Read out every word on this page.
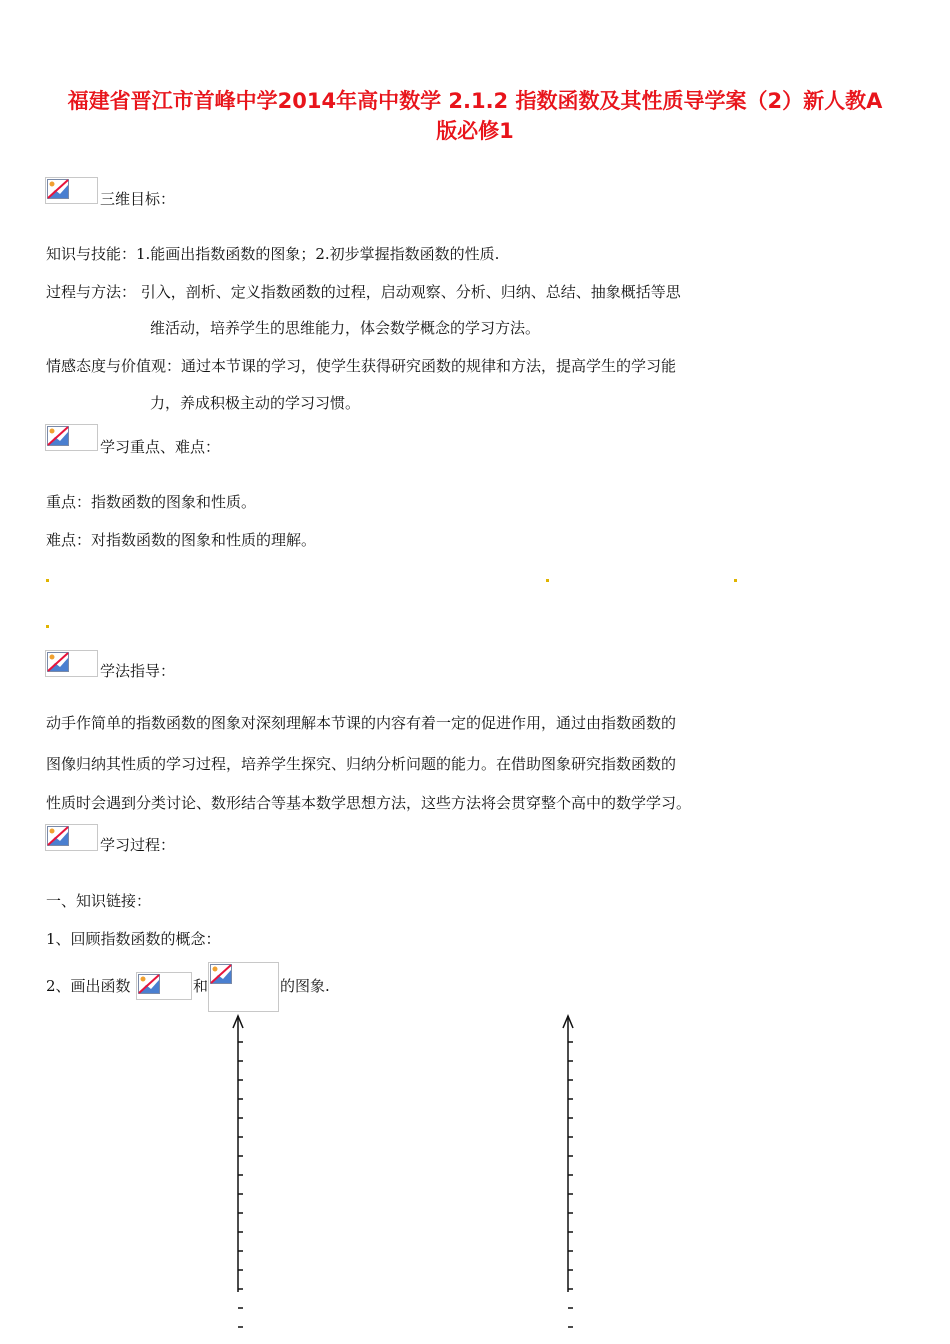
福建省晋江市首峰中学2014年高中数学 2.1.2 指数函数及其性质导学案（2）新人教A
版必修1
三维目标：
知识与技能：1.能画出指数函数的图象；2.初步掌握指数函数的性质.
过程与方法： 引入，剖析、定义指数函数的过程，启动观察、分析、归纳、总结、抽象概括等思
维活动，培养学生的思维能力，体会数学概念的学习方法。
情感态度与价值观：通过本节课的学习，使学生获得研究函数的规律和方法，提高学生的学习能
力，养成积极主动的学习习惯。
学习重点、难点：
重点：指数函数的图象和性质。
难点：对指数函数的图象和性质的理解。
学法指导：
动手作简单的指数函数的图象对深刻理解本节课的内容有着一定的促进作用，通过由指数函数的
图像归纳其性质的学习过程，培养学生探究、归纳分析问题的能力。在借助图象研究指数函数的
性质时会遇到分类讨论、数形结合等基本数学思想方法，这些方法将会贯穿整个高中的数学学习。
学习过程：
一、知识链接：
1、回顾指数函数的概念：
2、画出函数	和	的图象.
